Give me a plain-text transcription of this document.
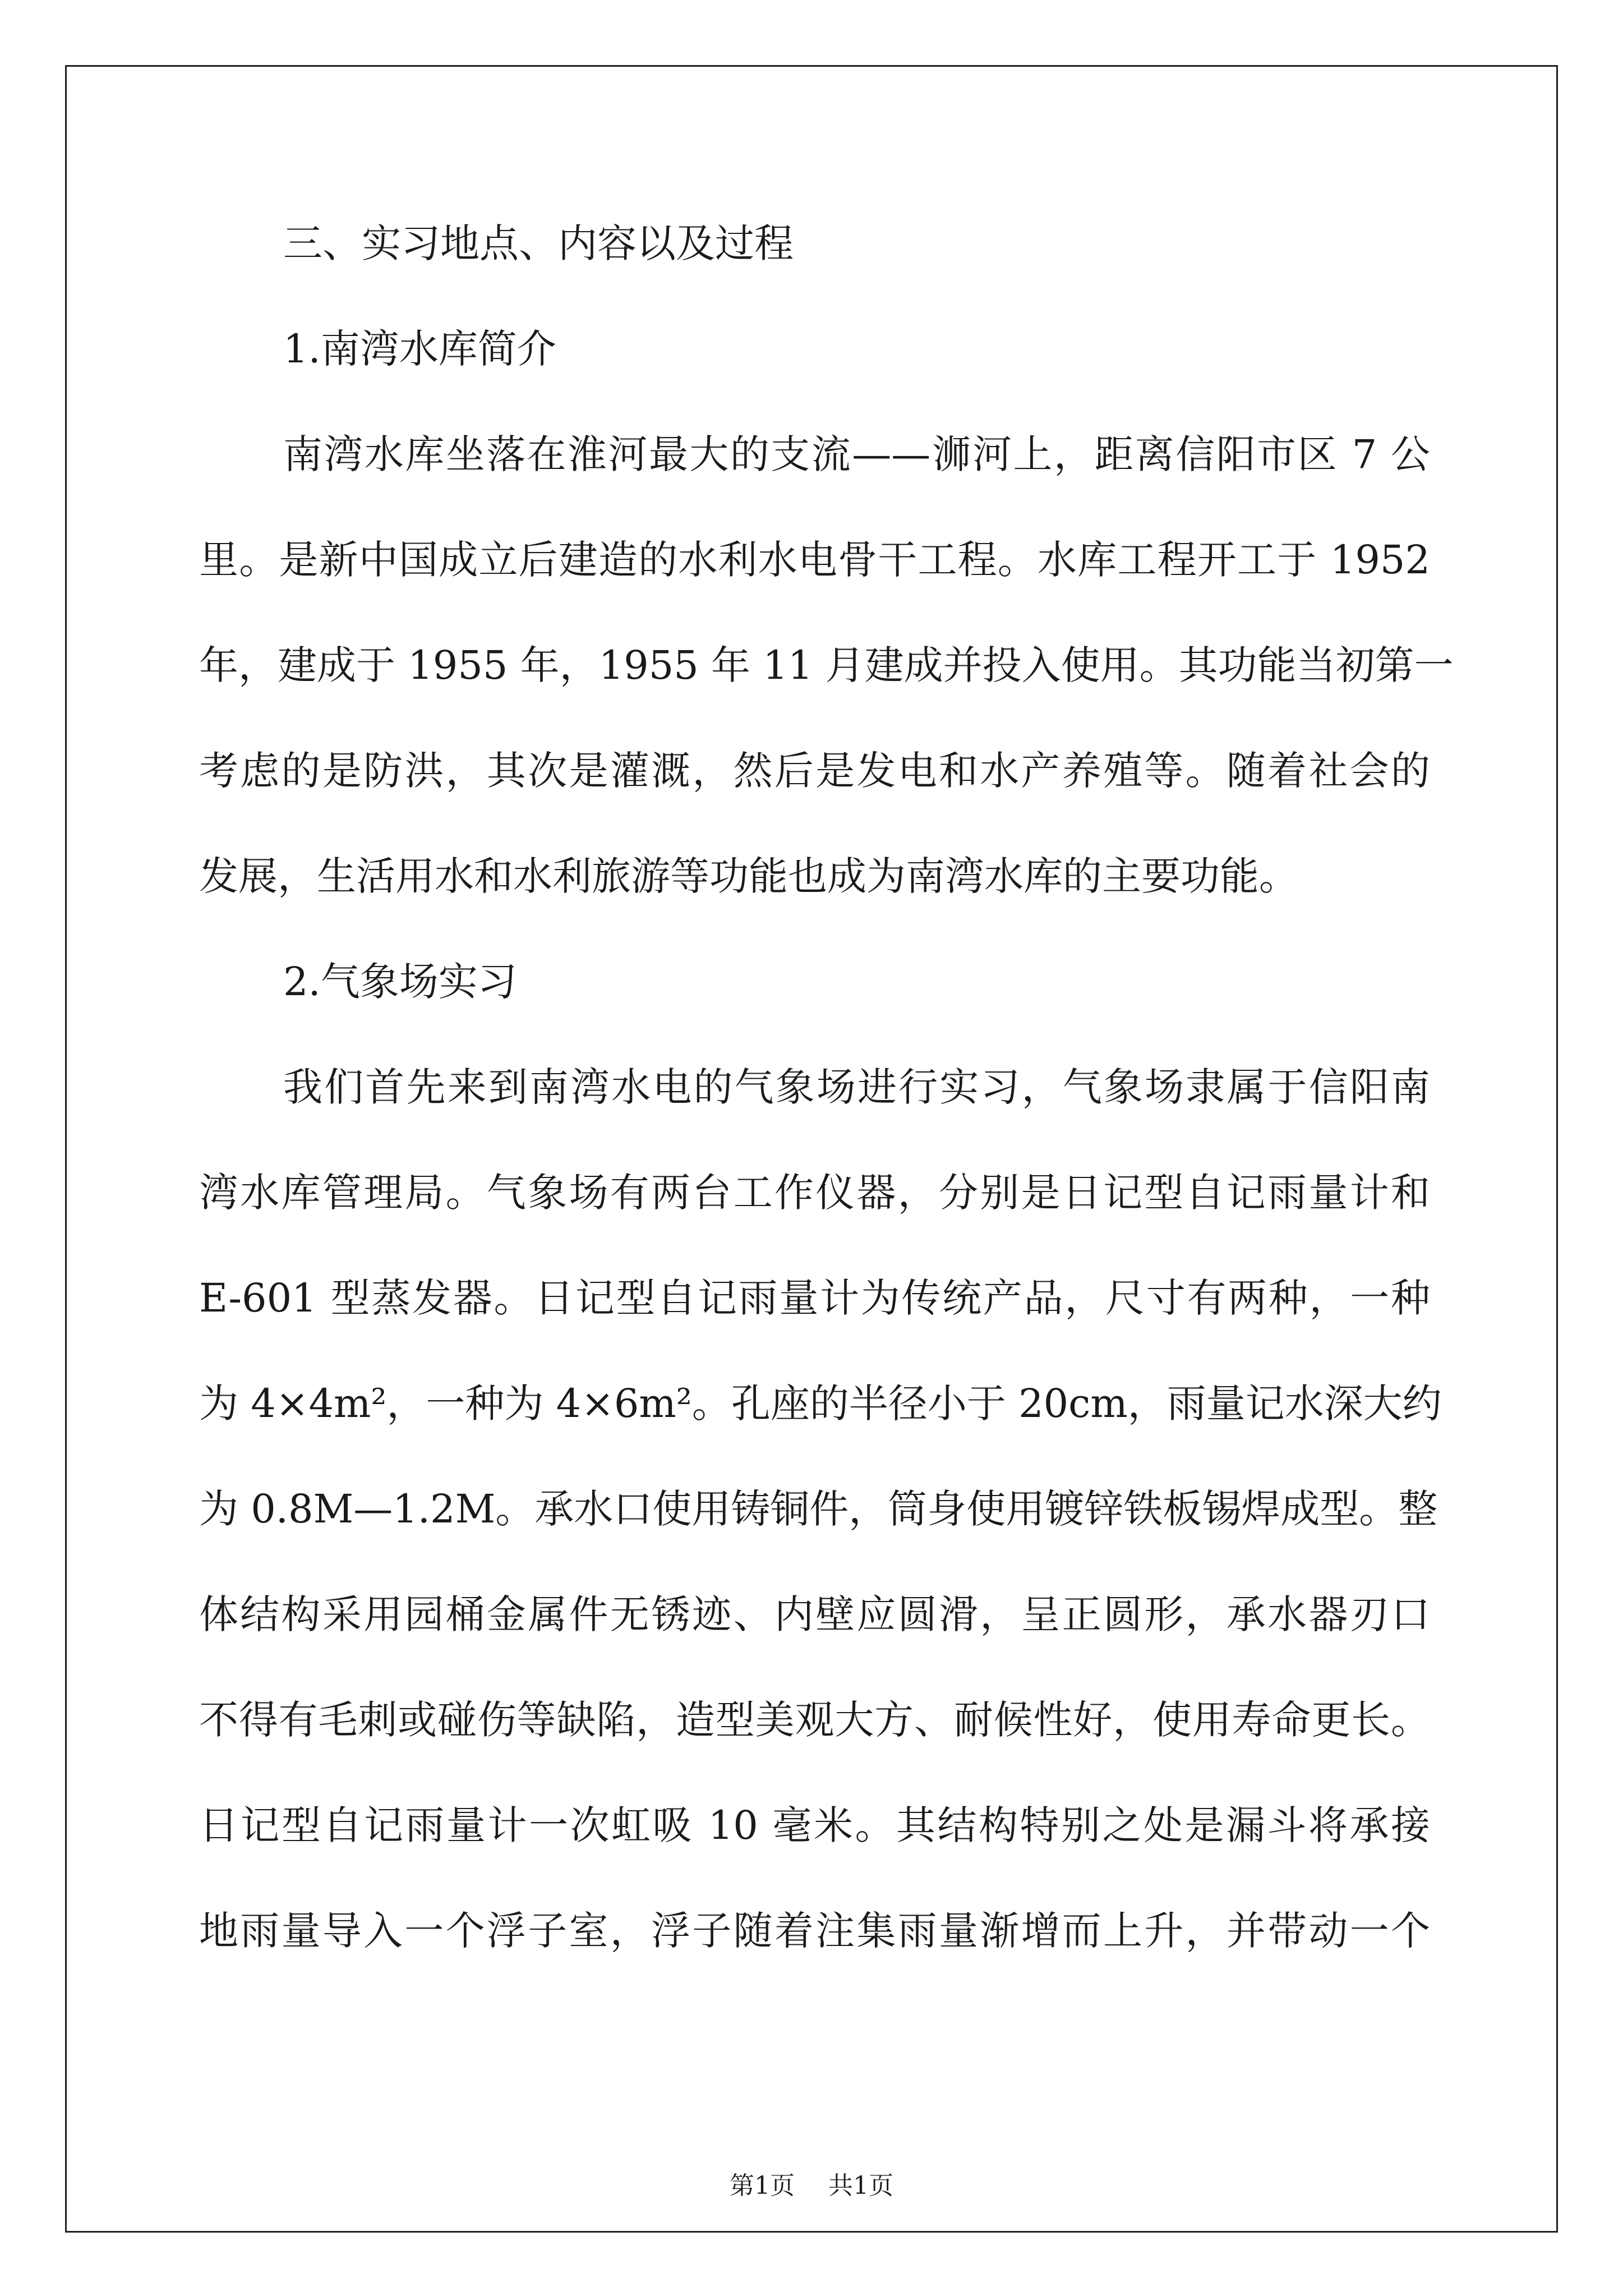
三、实习地点、内容以及过程
1.南湾水库简介
南湾水库坐落在淮河最大的支流——浉河上，距离信阳市区 7 公
里。是新中国成立后建造的水利水电骨干工程。水库工程开工于 1952
年，建成于 1955 年，1955 年 11 月建成并投入使用。其功能当初第一
考虑的是防洪，其次是灌溉，然后是发电和水产养殖等。随着社会的
发展，生活用水和水利旅游等功能也成为南湾水库的主要功能。
2.气象场实习
我们首先来到南湾水电的气象场进行实习，气象场隶属于信阳南
湾水库管理局。气象场有两台工作仪器，分别是日记型自记雨量计和
E-601 型蒸发器。日记型自记雨量计为传统产品，尺寸有两种，一种
为 4×4m²，一种为 4×6m²。孔座的半径小于 20cm，雨量记水深大约
为 0.8M—1.2M。承水口使用铸铜件，筒身使用镀锌铁板锡焊成型。整
体结构采用园桶金属件无锈迹、内壁应圆滑，呈正圆形，承水器刃口
不得有毛刺或碰伤等缺陷，造型美观大方、耐候性好，使用寿命更长。
日记型自记雨量计一次虹吸 10 毫米。其结构特别之处是漏斗将承接
地雨量导入一个浮子室，浮子随着注集雨量渐增而上升，并带动一个
第1页 共1页
